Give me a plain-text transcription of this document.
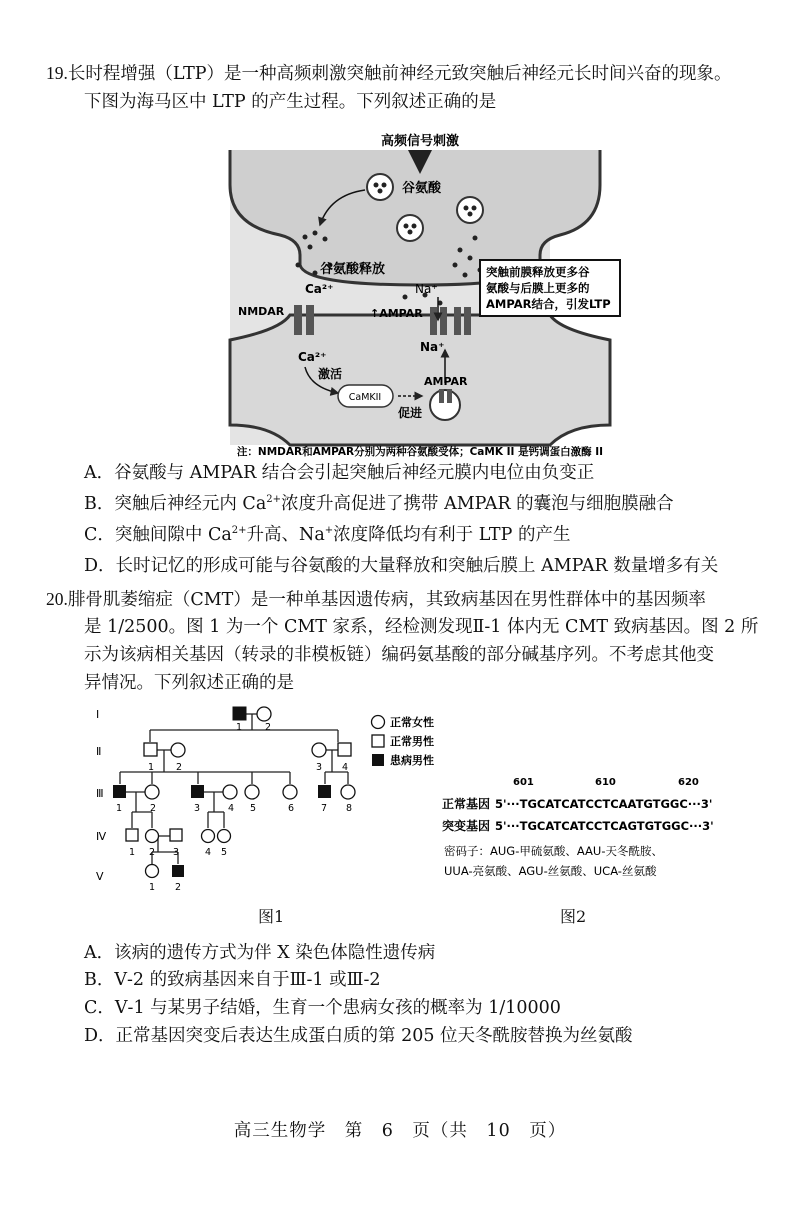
19.长时程增强（LTP）是一种高频刺激突触前神经元致突触后神经元长时间兴奋的现象。
下图为海马区中 LTP 的产生过程。下列叙述正确的是
高频信号刺激
谷氨酸
谷氨酸释放	突触前膜释放更多谷
氨酸与后膜上更多的
AMPAR结合，引发LTP
Ca²⁺	Na⁺
NMDAR	↑AMPAR
Ca²⁺
Na⁺
激活
AMPAR
CaMKII
促进
注：NMDAR和AMPAR分别为两种谷氨酸受体；CaMK II 是钙调蛋白激酶 II
A．谷氨酸与 AMPAR 结合会引起突触后神经元膜内电位由负变正
B．突触后神经元内 $Ca^{2+}$浓度升高促进了携带 AMPAR 的囊泡与细胞膜融合
C．突触间隙中 $Ca^{2+}$升高、Na+浓度降低均有利于 LTP 的产生
D．长时记忆的形成可能与谷氨酸的大量释放和突触后膜上 AMPAR 数量增多有关
20.腓骨肌萎缩症（CMT）是一种单基因遗传病，其致病基因在男性群体中的基因频率
是 1/2500。图 1 为一个 CMT 家系，经检测发现Ⅱ-1 体内无 CMT 致病基因。图 2 所
示为该病相关基因（转录的非模板链）编码氨基酸的部分碱基序列。不考虑其他变
异情况。下列叙述正确的是
Ⅰ
Ⅱ
Ⅲ
Ⅳ
Ⅴ
1 2
1 2	3 4
1	2	3	4 5	6	7 8
1 2 3	4 5
1 2
正常女性
正常男性
患病男性
图1
601	610	620
正常基因 5'···TGCATCATCCTCAATGTGGC···3'
突变基因 5'···TGCATCATCCTCAGTGTGGC···3'
密码子：AUG-甲硫氨酸、AAU-天冬酰胺、
UUA-亮氨酸、AGU-丝氨酸、UCA-丝氨酸
图2
A．该病的遗传方式为伴 X 染色体隐性遗传病
B．Ⅴ-2 的致病基因来自于Ⅲ-1 或Ⅲ-2
C．Ⅴ-1 与某男子结婚，生育一个患病女孩的概率为 1/10000
D．正常基因突变后表达生成蛋白质的第 205 位天冬酰胺替换为丝氨酸
高三生物学　第　6　页（共　10　页）
